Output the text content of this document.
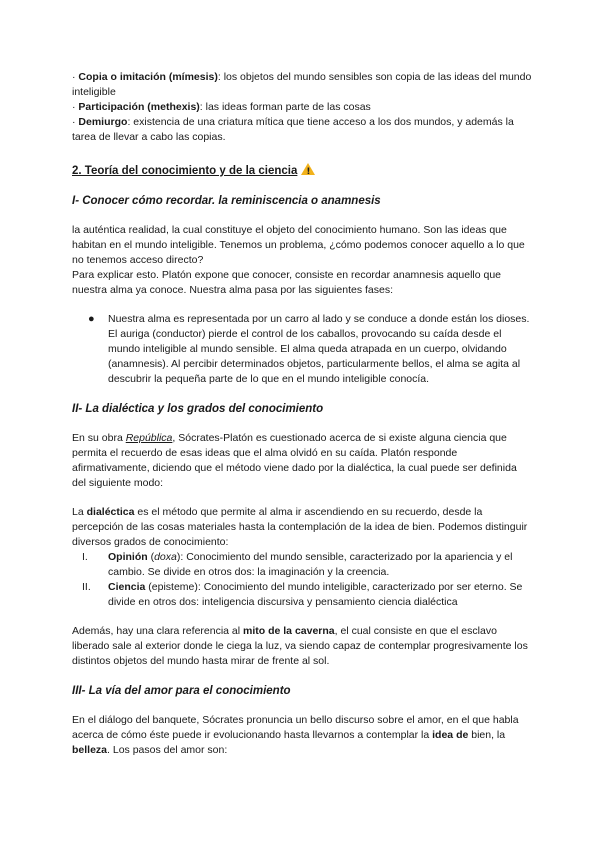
· Copia o imitación (mímesis): los objetos del mundo sensibles son copia de las ideas del mundo inteligible

· Participación (methexis): las ideas forman parte de las cosas

· Demiurgo: existencia de una criatura mítica que tiene acceso a los dos mundos, y además la tarea de llevar a cabo las copias.

2. Teoría del conocimiento y de la ciencia!
I- Conocer cómo recordar. la reminiscencia o anamnesis

la auténtica realidad, la cual constituye el objeto del conocimiento humano. Son las ideas que habitan en el mundo inteligible. Tenemos un problema, ¿cómo podemos conocer aquello a lo que no tenemos acceso directo?

Para explicar esto. Platón expone que conocer, consiste en recordar anamnesis aquello que nuestra alma ya conoce. Nuestra alma pasa por las siguientes fases:

● Nuestra alma es representada por un carro al lado y se conduce a donde están los dioses. El auriga (conductor) pierde el control de los caballos, provocando su caída desde el mundo inteligible al mundo sensible. El alma queda atrapada en un cuerpo, olvidando (anamnesis). Al percibir determinados objetos, particularmente bellos, el alma se agita al descubrir la pequeña parte de lo que en el mundo inteligible conocía.

II- La dialéctica y los grados del conocimiento

En su obra República, Sócrates-Platón es cuestionado acerca de si existe alguna ciencia que permita el recuerdo de esas ideas que el alma olvidó en su caída. Platón responde afirmativamente, diciendo que el método viene dado por la dialéctica, la cual puede ser definida del siguiente modo:

La dialéctica es el método que permite al alma ir ascendiendo en su recuerdo, desde la percepción de las cosas materiales hasta la contemplación de la idea de bien. Podemos distinguir diversos grados de conocimiento:

I. Opinión (doxa): Conocimiento del mundo sensible, caracterizado por la apariencia y el cambio. Se divide en otros dos: la imaginación y la creencia.
II. Ciencia (episteme): Conocimiento del mundo inteligible, caracterizado por ser eterno. Se divide en otros dos: inteligencia discursiva y pensamiento ciencia dialéctica

Además, hay una clara referencia al mito de la caverna, el cual consiste en que el esclavo liberado sale al exterior donde le ciega la luz, va siendo capaz de contemplar progresivamente los distintos objetos del mundo hasta mirar de frente al sol.

III- La vía del amor para el conocimiento

En el diálogo del banquete, Sócrates pronuncia un bello discurso sobre el amor, en el que habla acerca de cómo éste puede ir evolucionando hasta llevarnos a contemplar la idea de bien, la belleza. Los pasos del amor son:
